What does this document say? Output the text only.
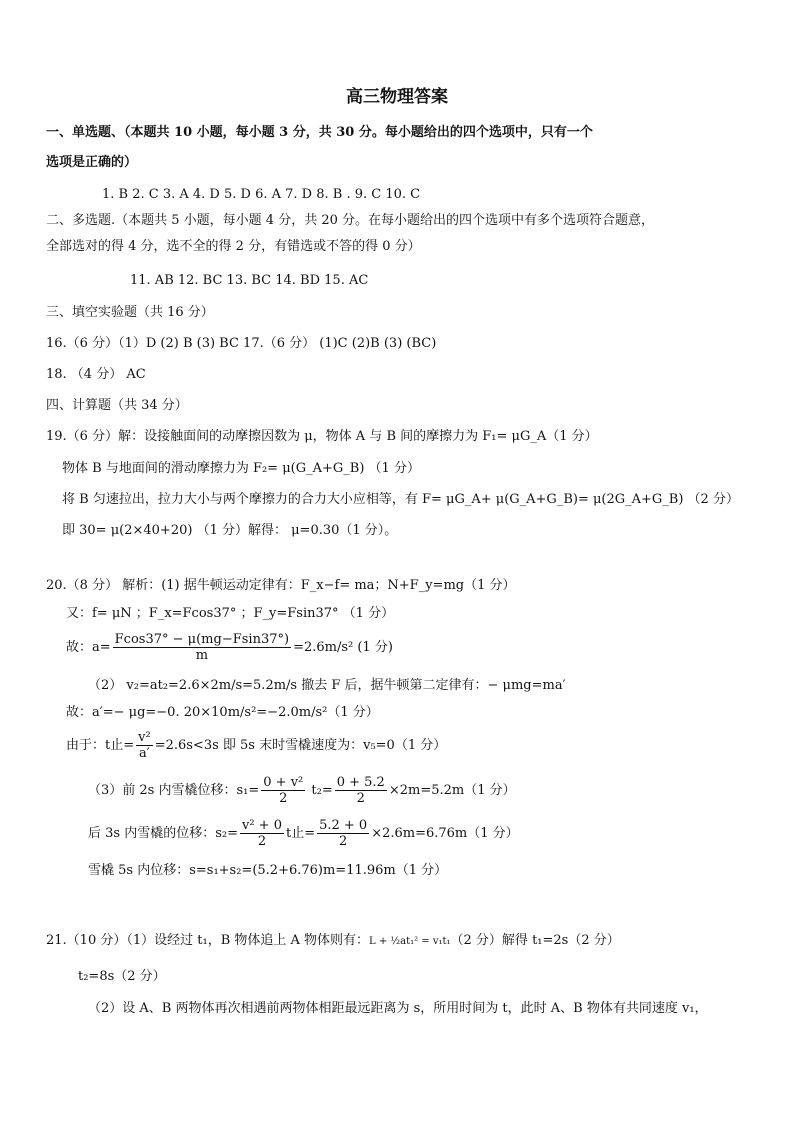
高三物理答案
一、单选题、（本题共 10 小题，每小题 3 分，共 30 分。每小题给出的四个选项中，只有一个
选项是正确的）
1. B 2. C 3. A 4. D 5. D 6. A 7. D 8. B . 9. C 10. C
二、多选题.（本题共 5 小题，每小题 4 分，共 20 分。在每小题给出的四个选项中有多个选项符合题意，
全部选对的得 4 分，选不全的得 2 分，有错选或不答的得 0 分）
11. AB 12. BC 13. BC 14. BD 15. AC
三、填空实验题（共 16 分）
16.（6 分）（1）D (2) B (3) BC 17.（6 分） (1)C (2)B (3) (BC)
18. （4 分） AC
四、计算题（共 34 分）
19.（6 分）解：设接触面间的动摩擦因数为 μ，物体 A 与 B 间的摩擦力为 F₁= μG_A（1 分）
物体 B 与地面间的滑动摩擦力为 F₂= μ(G_A+G_B) （1 分）
将 B 匀速拉出，拉力大小与两个摩擦力的合力大小应相等，有 F= μG_A+ μ(G_A+G_B)= μ(2G_A+G_B) （2 分）
即 30= μ(2×40+20) （1 分）解得： μ=0.30（1 分）。
20.（8 分） 解析：(1) 据牛顿运动定律有：F_x−f= ma；N+F_y=mg（1 分）
又：f= μN ；F_x=Fcos37° ；F_y=Fsin37° （1 分）
故：$a= \frac{Fcos37^\circ - \mu(mg-Fsin37^\circ)}{m} =2.6m/s^2$ (1 分)
（2） v₂=at₂=2.6×2m/s=5.2m/s 撤去 F 后，据牛顿第二定律有：− μmg=ma′
故：a′=− μg=−0. 20×10m/s²=−2.0m/s²（1 分）
由于：t止= $\frac{\text{v²}}{a'} =2.6s<3s$ 即 5s 末时雪橇速度为：v₅=0（1 分）
（3）前 2s 内雪橇位移：$s_1= \frac{\text{0 + v²}}{2} t_2= \frac{0 + 5.2}{2} \times 2m=5.2m(1$ 分）
后 3s 内雪橇的位移：$s_2= \frac{\text{v² + 0}}{2}$ t止= $\frac{5.2 + 0}{2} \times 2.6m=6.76m(1$ 分）
雪橇 5s 内位移：s=s₁+s₂=(5.2+6.76)m=11.96m（1 分）
21.（10 分）（1）设经过 t₁，B 物体追上 A 物体则有：L + ½at₁² = v₁t₁（2 分）解得 t₁=2s（2 分）
t₂=8s（2 分）
（2）设 A、B 两物体再次相遇前两物体相距最远距离为 s，所用时间为 t，此时 A、B 物体有共同速度 v₁，
